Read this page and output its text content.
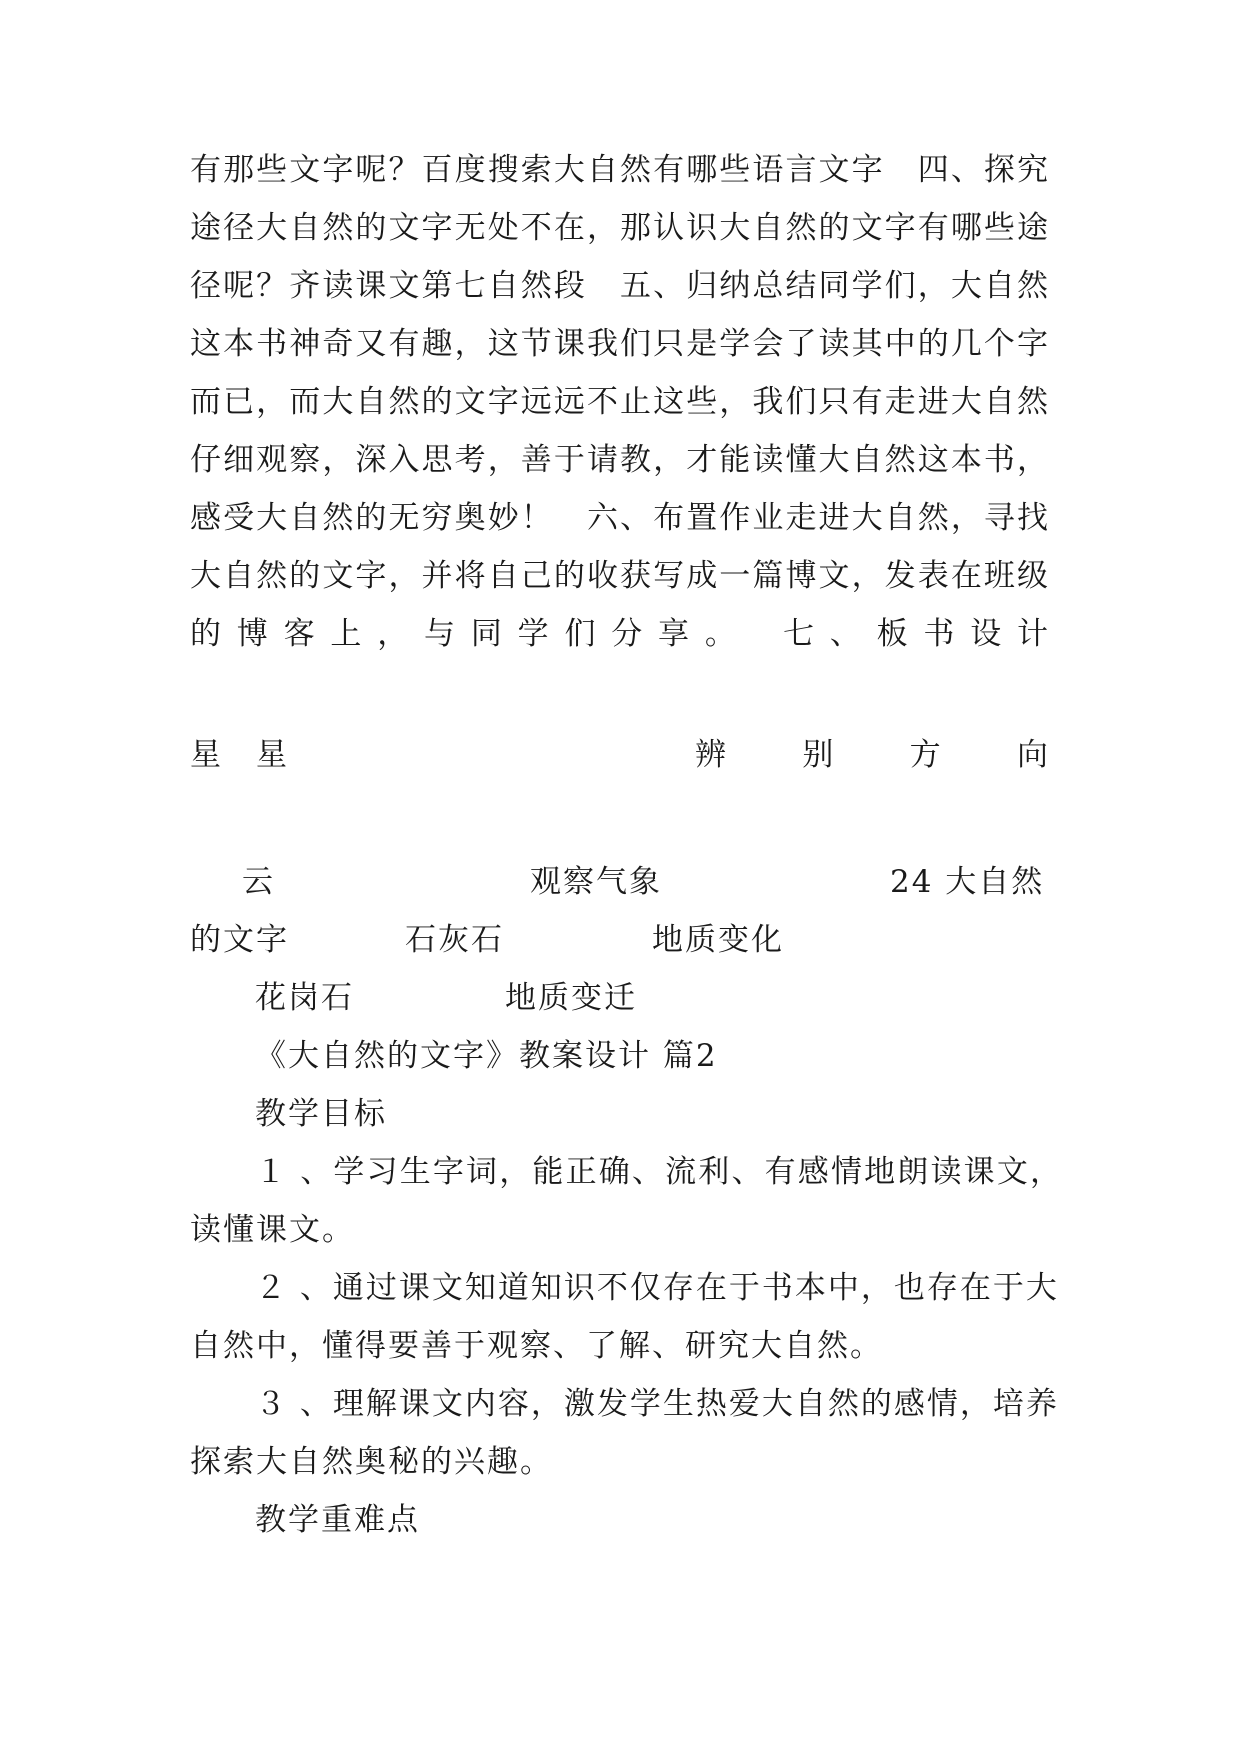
有那些文字呢？百度搜索大自然有哪些语言文字　四、探究
途径大自然的文字无处不在，那认识大自然的文字有哪些途
径呢？齐读课文第七自然段　五、归纳总结同学们，大自然
这本书神奇又有趣，这节课我们只是学会了读其中的几个字
而已，而大自然的文字远远不止这些，我们只有走进大自然
仔细观察，深入思考，善于请教，才能读懂大自然这本书，
感受大自然的无穷奥妙！　六、布置作业走进大自然，寻找
大自然的文字，并将自己的收获写成一篇博文，发表在班级
的博客上，与同学们分享。　七、板书设计
星　星	辨　别　方　向
云	观察气象	24 大自然
的文字	石灰石	地质变化
花岗石	地质变迁
《大自然的文字》教案设计 篇2
教学目标
１ 、学习生字词，能正确、流利、有感情地朗读课文，
读懂课文。
２ 、通过课文知道知识不仅存在于书本中，也存在于大
自然中，懂得要善于观察、了解、研究大自然。
３ 、理解课文内容，激发学生热爱大自然的感情，培养
探索大自然奥秘的兴趣。
教学重难点
